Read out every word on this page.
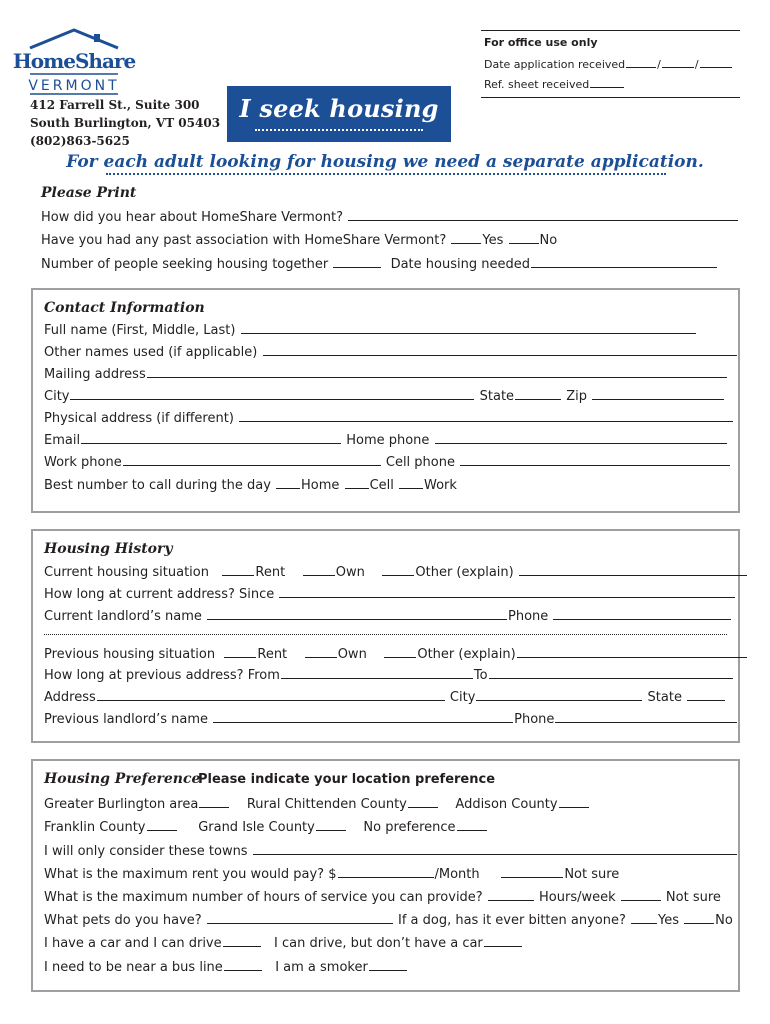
HomeShare
VERMONT
412 Farrell St., Suite 300
South Burlington, VT 05403
(802)863-5625
I seek housing
For office use only
Date application received	/	/
Ref. sheet received
For each adult looking for housing we need a separate application.
Please Print
How did you hear about HomeShare Vermont?
Have you had any past association with HomeShare Vermont?	Yes	No
Number of people seeking housing together	Date housing needed
Contact Information
Full name (First, Middle, Last)
Other names used (if applicable)
Mailing address
City	State	Zip
Physical address (if different)
Email	Home phone
Work phone	Cell phone
Best number to call during the day Home Cell Work
Housing History
Current housing situation	Rent	Own	Other (explain)
How long at current address? Since
Current landlord’s name	Phone
Previous housing situation	Rent	Own	Other (explain)
How long at previous address? From	To
Address	City	State
Previous landlord’s name	Phone
Housing Preference
Please indicate your location preference
Greater Burlington area	Rural Chittenden County	Addison County
Franklin County	Grand Isle County	No preference
I will only consider these towns
What is the maximum rent you would pay? $	/Month	Not sure
What is the maximum number of hours of service you can provide?	Hours/week	Not sure
What pets do you have?	If a dog, has it ever bitten anyone? Yes	No
I have a car and I can drive	I can drive, but don’t have a car
I need to be near a bus line	I am a smoker
